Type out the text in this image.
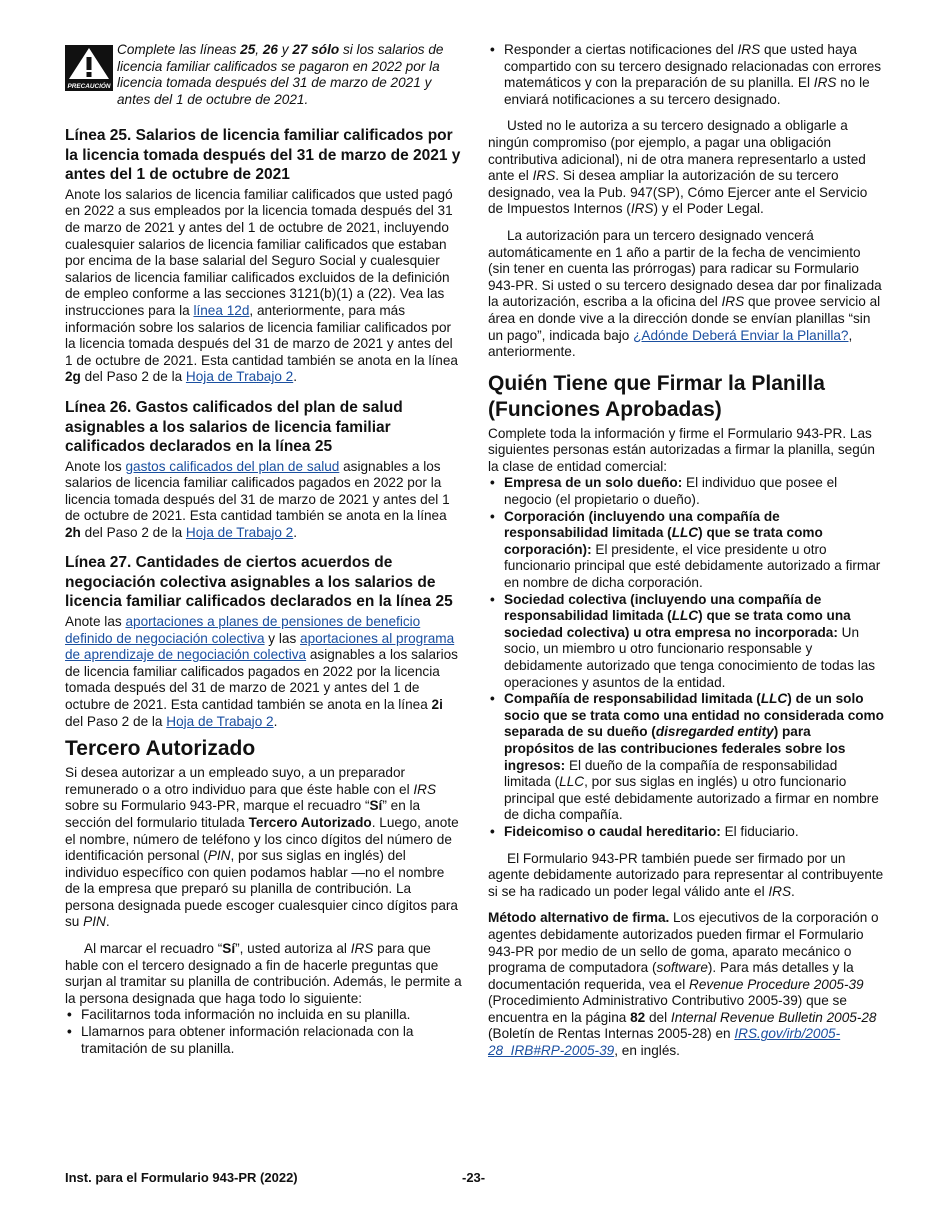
PRECAUCIÓN

Complete las líneas 25, 26 y 27 sólo si los salarios de licencia familiar calificados se pagaron en 2022 por la licencia tomada después del 31 de marzo de 2021 y antes del 1 de octubre de 2021.

Línea 25. Salarios de licencia familiar calificados por la licencia tomada después del 31 de marzo de 2021 y antes del 1 de octubre de 2021

Anote los salarios de licencia familiar calificados que usted pagó en 2022 a sus empleados por la licencia tomada después del 31 de marzo de 2021 y antes del 1 de octubre de 2021, incluyendo cualesquier salarios de licencia familiar calificados que estaban por encima de la base salarial del Seguro Social y cualesquier salarios de licencia familiar calificados excluidos de la definición de empleo conforme a las secciones 3121(b)(1) a (22). Vea las instrucciones para la línea 12d, anteriormente, para más información sobre los salarios de licencia familiar calificados por la licencia tomada después del 31 de marzo de 2021 y antes del 1 de octubre de 2021. Esta cantidad también se anota en la línea 2g del Paso 2 de la Hoja de Trabajo 2.

Línea 26. Gastos calificados del plan de salud asignables a los salarios de licencia familiar calificados declarados en la línea 25

Anote los gastos calificados del plan de salud asignables a los salarios de licencia familiar calificados pagados en 2022 por la licencia tomada después del 31 de marzo de 2021 y antes del 1 de octubre de 2021. Esta cantidad también se anota en la línea 2h del Paso 2 de la Hoja de Trabajo 2.

Línea 27. Cantidades de ciertos acuerdos de negociación colectiva asignables a los salarios de licencia familiar calificados declarados en la línea 25

Anote las aportaciones a planes de pensiones de beneficio definido de negociación colectiva y las aportaciones al programa de aprendizaje de negociación colectiva asignables a los salarios de licencia familiar calificados pagados en 2022 por la licencia tomada después del 31 de marzo de 2021 y antes del 1 de octubre de 2021. Esta cantidad también se anota en la línea 2i del Paso 2 de la Hoja de Trabajo 2.

Tercero Autorizado

Si desea autorizar a un empleado suyo, a un preparador remunerado o a otro individuo para que éste hable con el IRS sobre su Formulario 943-PR, marque el recuadro “Sí” en la sección del formulario titulada Tercero Autorizado. Luego, anote el nombre, número de teléfono y los cinco dígitos del número de identificación personal (PIN, por sus siglas en inglés) del individuo específico con quien podamos hablar —no el nombre de la empresa que preparó su planilla de contribución. La persona designada puede escoger cualesquier cinco dígitos para su PIN.

Al marcar el recuadro “Sí”, usted autoriza al IRS para que hable con el tercero designado a fin de hacerle preguntas que surjan al tramitar su planilla de contribución. Además, le permite a la persona designada que haga todo lo siguiente:

• Facilitarnos toda información no incluida en su planilla.

• Llamarnos para obtener información relacionada con la tramitación de su planilla.

• Responder a ciertas notificaciones del IRS que usted haya compartido con su tercero designado relacionadas con errores matemáticos y con la preparación de su planilla. El IRS no le enviará notificaciones a su tercero designado.

Usted no le autoriza a su tercero designado a obligarle a ningún compromiso (por ejemplo, a pagar una obligación contributiva adicional), ni de otra manera representarlo a usted ante el IRS. Si desea ampliar la autorización de su tercero designado, vea la Pub. 947(SP), Cómo Ejercer ante el Servicio de Impuestos Internos (IRS) y el Poder Legal.

La autorización para un tercero designado vencerá automáticamente en 1 año a partir de la fecha de vencimiento (sin tener en cuenta las prórrogas) para radicar su Formulario 943-PR. Si usted o su tercero designado desea dar por finalizada la autorización, escriba a la oficina del IRS que provee servicio al área en donde vive a la dirección donde se envían planillas “sin un pago”, indicada bajo ¿Adónde Deberá Enviar la Planilla?, anteriormente.

Quién Tiene que Firmar la Planilla (Funciones Aprobadas)

Complete toda la información y firme el Formulario 943-PR. Las siguientes personas están autorizadas a firmar la planilla, según la clase de entidad comercial:

• Empresa de un solo dueño: El individuo que posee el negocio (el propietario o dueño).

• Corporación (incluyendo una compañía de responsabilidad limitada (LLC) que se trata como corporación): El presidente, el vice presidente u otro funcionario principal que esté debidamente autorizado a firmar en nombre de dicha corporación.

• Sociedad colectiva (incluyendo una compañía de responsabilidad limitada (LLC) que se trata como una sociedad colectiva) u otra empresa no incorporada: Un socio, un miembro u otro funcionario responsable y debidamente autorizado que tenga conocimiento de todas las operaciones y asuntos de la entidad.

• Compañía de responsabilidad limitada (LLC) de un solo socio que se trata como una entidad no considerada como separada de su dueño (disregarded entity) para propósitos de las contribuciones federales sobre los ingresos: El dueño de la compañía de responsabilidad limitada (LLC, por sus siglas en inglés) u otro funcionario principal que esté debidamente autorizado a firmar en nombre de dicha compañía.

• Fideicomiso o caudal hereditario: El fiduciario.

El Formulario 943-PR también puede ser firmado por un agente debidamente autorizado para representar al contribuyente si se ha radicado un poder legal válido ante el IRS.

Método alternativo de firma. Los ejecutivos de la corporación o agentes debidamente autorizados pueden firmar el Formulario 943-PR por medio de un sello de goma, aparato mecánico o programa de computadora (software). Para más detalles y la documentación requerida, vea el Revenue Procedure 2005-39 (Procedimiento Administrativo Contributivo 2005-39) que se encuentra en la página 82 del Internal Revenue Bulletin 2005-28 (Boletín de Rentas Internas 2005-28) en IRS.gov/irb/2005-28_IRB#RP-2005-39, en inglés.

Inst. para el Formulario 943-PR (2022)	-23-
